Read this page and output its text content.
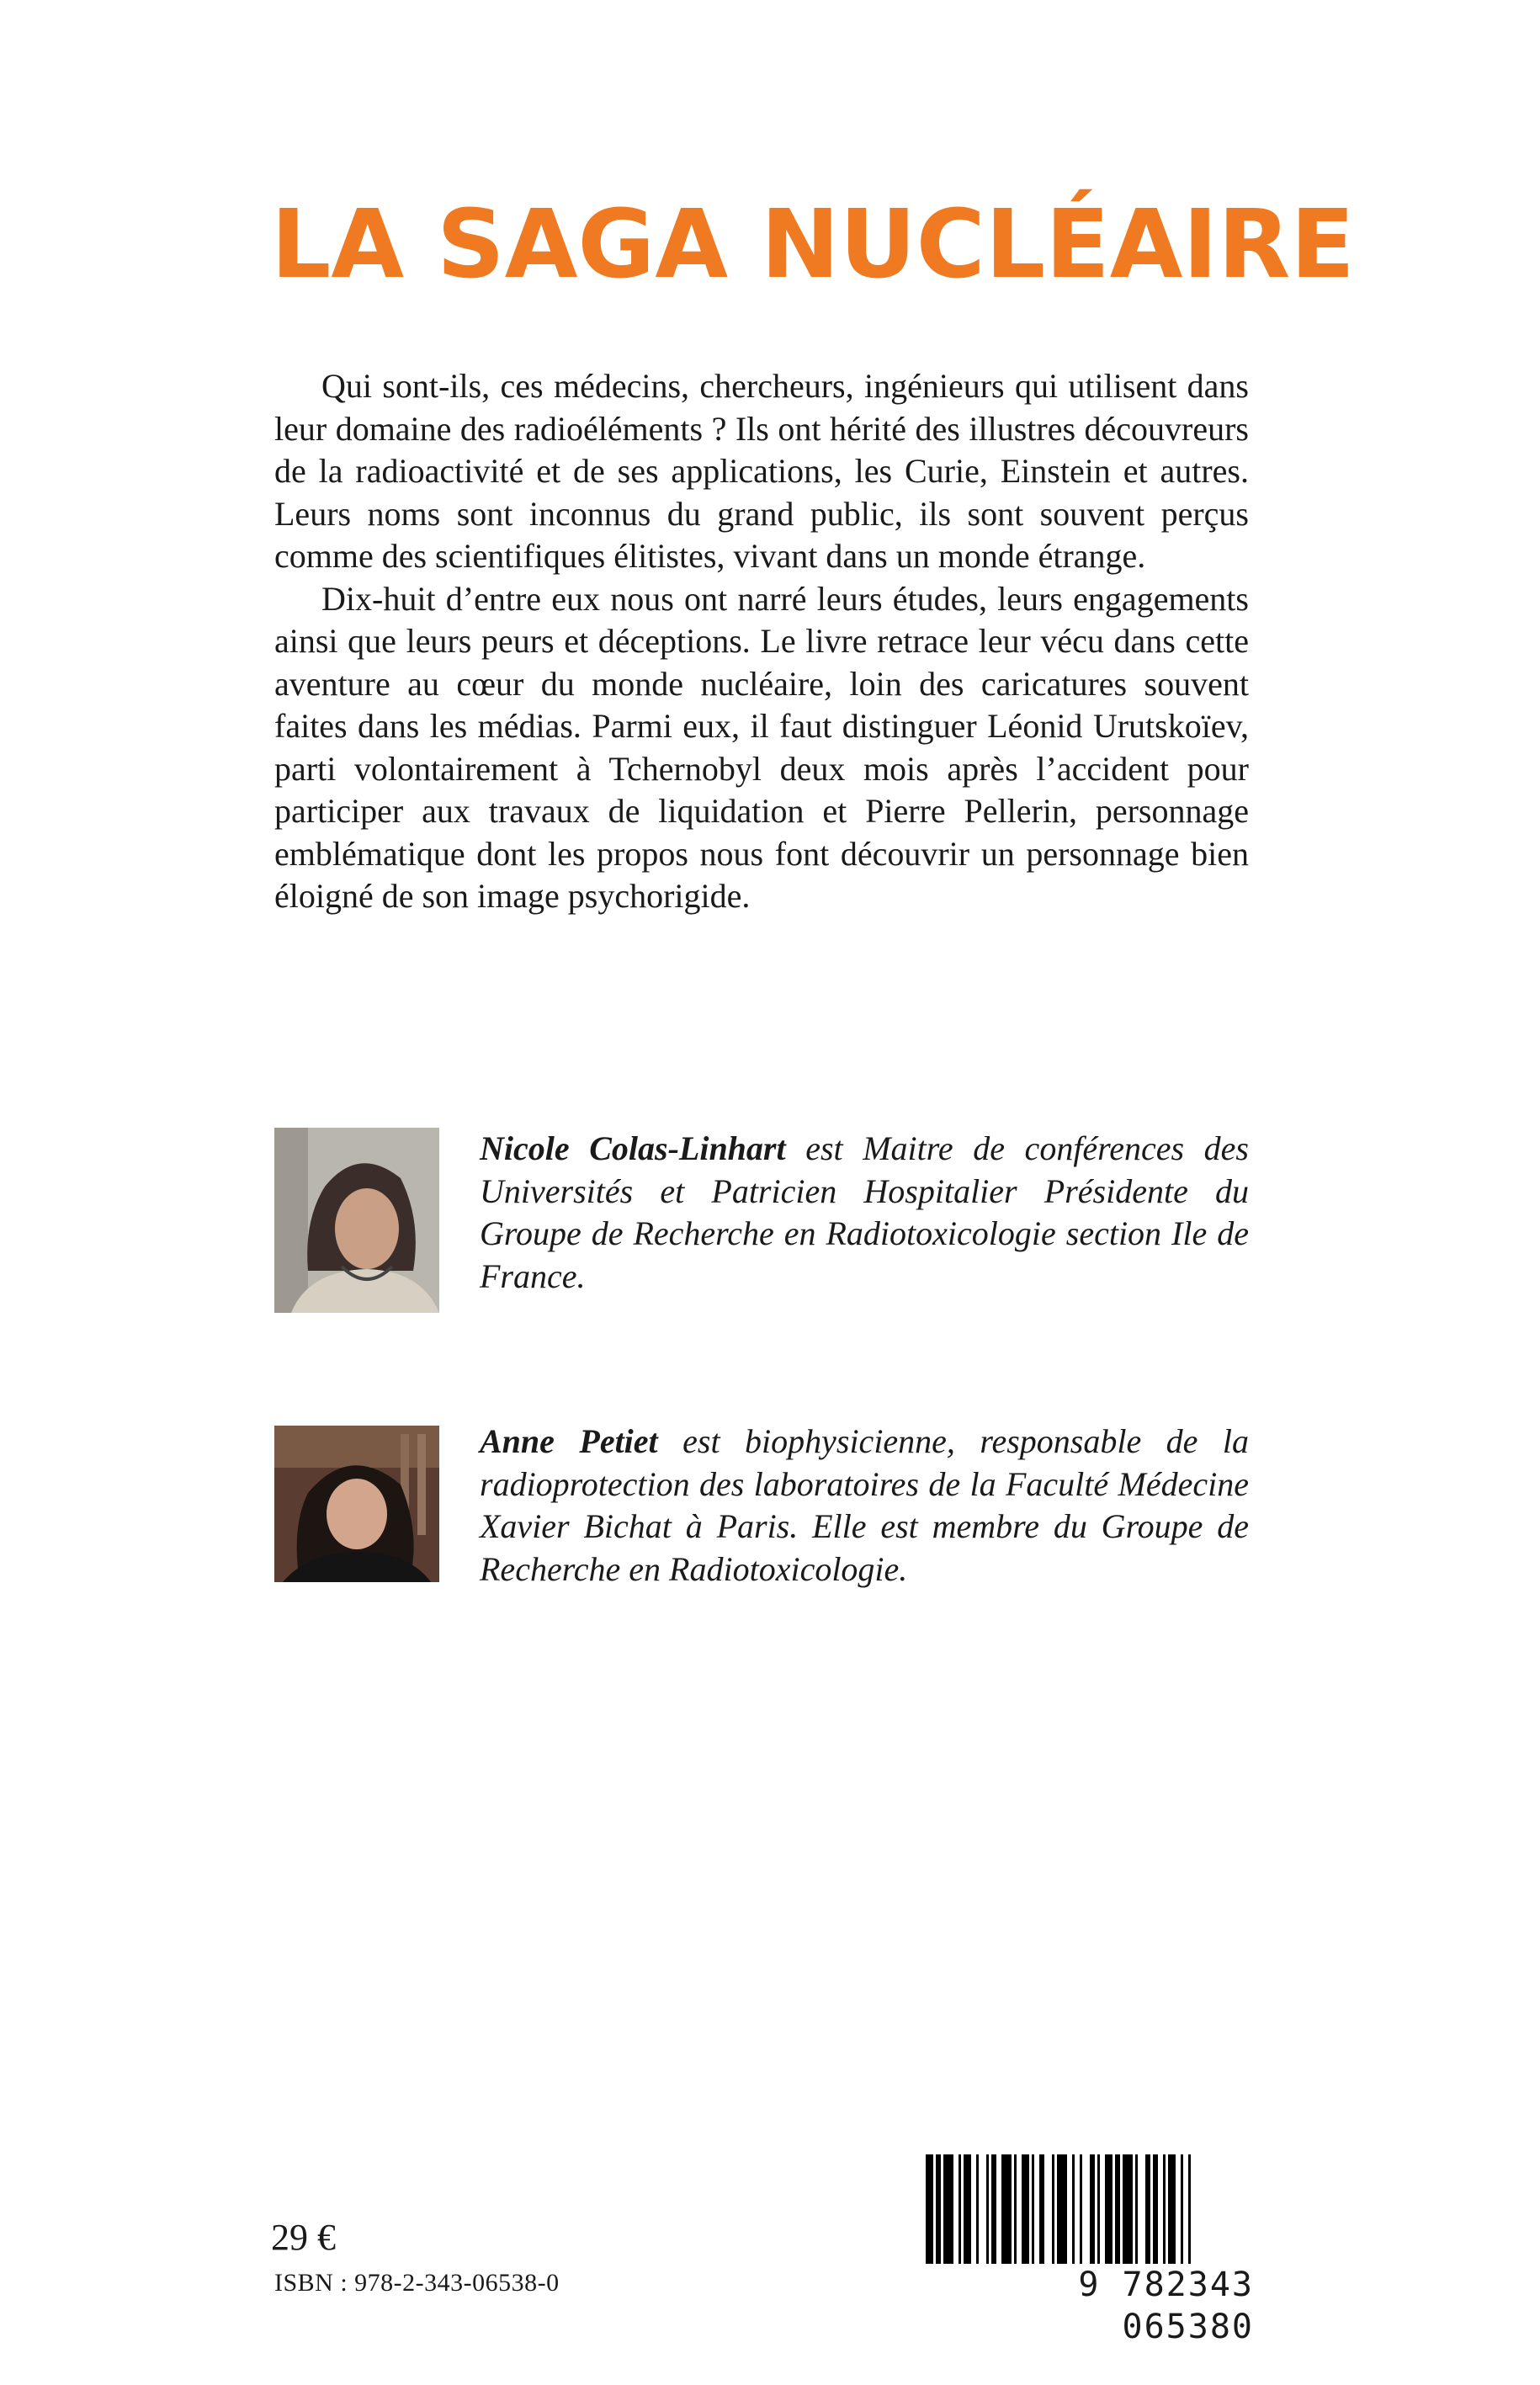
LA SAGA NUCLÉAIRE

Qui sont-ils, ces médecins, chercheurs, ingénieurs qui utilisent dans leur domaine des radioéléments ? Ils ont hérité des illustres découvreurs de la radioactivité et de ses applications, les Curie, Einstein et autres. Leurs noms sont inconnus du grand public, ils sont souvent perçus comme des scientifiques élitistes, vivant dans un monde étrange.

Dix-huit d’entre eux nous ont narré leurs études, leurs engagements ainsi que leurs peurs et déceptions. Le livre retrace leur vécu dans cette aventure au cœur du monde nucléaire, loin des caricatures souvent faites dans les médias. Parmi eux, il faut distinguer Léonid Urutskoïev, parti volontairement à Tchernobyl deux mois après l’accident pour participer aux travaux de liquidation et Pierre Pellerin, personnage emblématique dont les propos nous font découvrir un personnage bien éloigné de son image psychorigide.

Nicole Colas-Linhart est Maitre de conférences des Universités et Patricien Hospitalier Présidente du Groupe de Recherche en Radiotoxicologie section Ile de France.

Anne Petiet est biophysicienne, responsable de la radioprotection des laboratoires de la Faculté Médecine Xavier Bichat à Paris. Elle est membre du Groupe de Recherche en Radiotoxicologie.

29 €

ISBN : 978-2-343-06538-0	9 782343 065380
